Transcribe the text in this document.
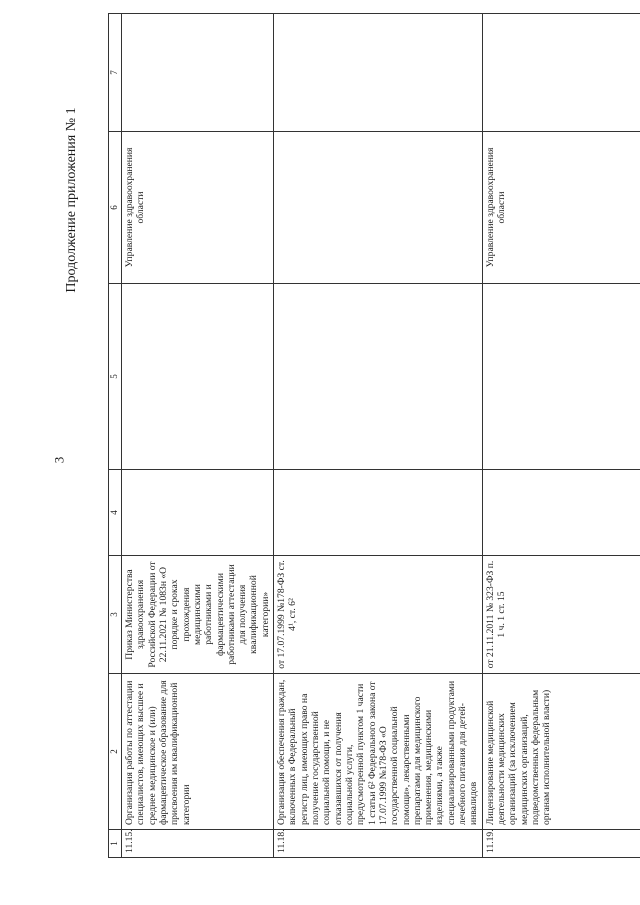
3
Продолжение приложения № 1
1	2	3	4	5	6	7
11.15.	Организация работы по аттестации специалистов, имеющих высшее и среднее медицинское и (или) фармацевтическое образование для присвоения им квалификационной категории	Приказ Министерства здравоохранения Российской Федерации от 22.11.2021 № 1083н «О порядке и сроках прохождения медицинскими работниками и фармацевтическими работниками аттестации для получения квалификационной категории»			Управление здравоохранения области	
11.18.	Организация обеспечения граждан, включенных в Федеральный регистр лиц, имеющих право на получение государственной социальной помощи, и не отказавшихся от получения социальной услуги, предусмотренной пунктом 1 части 1 статьи 6² Федерального закона от 17.07.1999 №178-ФЗ «О государственной социальной помощи», лекарственными препаратами для медицинского применения, медицинскими изделиями, а также специализированными продуктами лечебного питания для детей-инвалидов	от 17.07.1999 №178-ФЗ ст. 4¹, ст. 6²				
11.19.	Лицензирование медицинской деятельности медицинских организаций (за исключением медицинских организаций, подведомственных федеральным органам исполнительной власти)	от 21.11.2011 № 323-ФЗ п. 1 ч. 1 ст. 15			Управление здравоохранения области	
